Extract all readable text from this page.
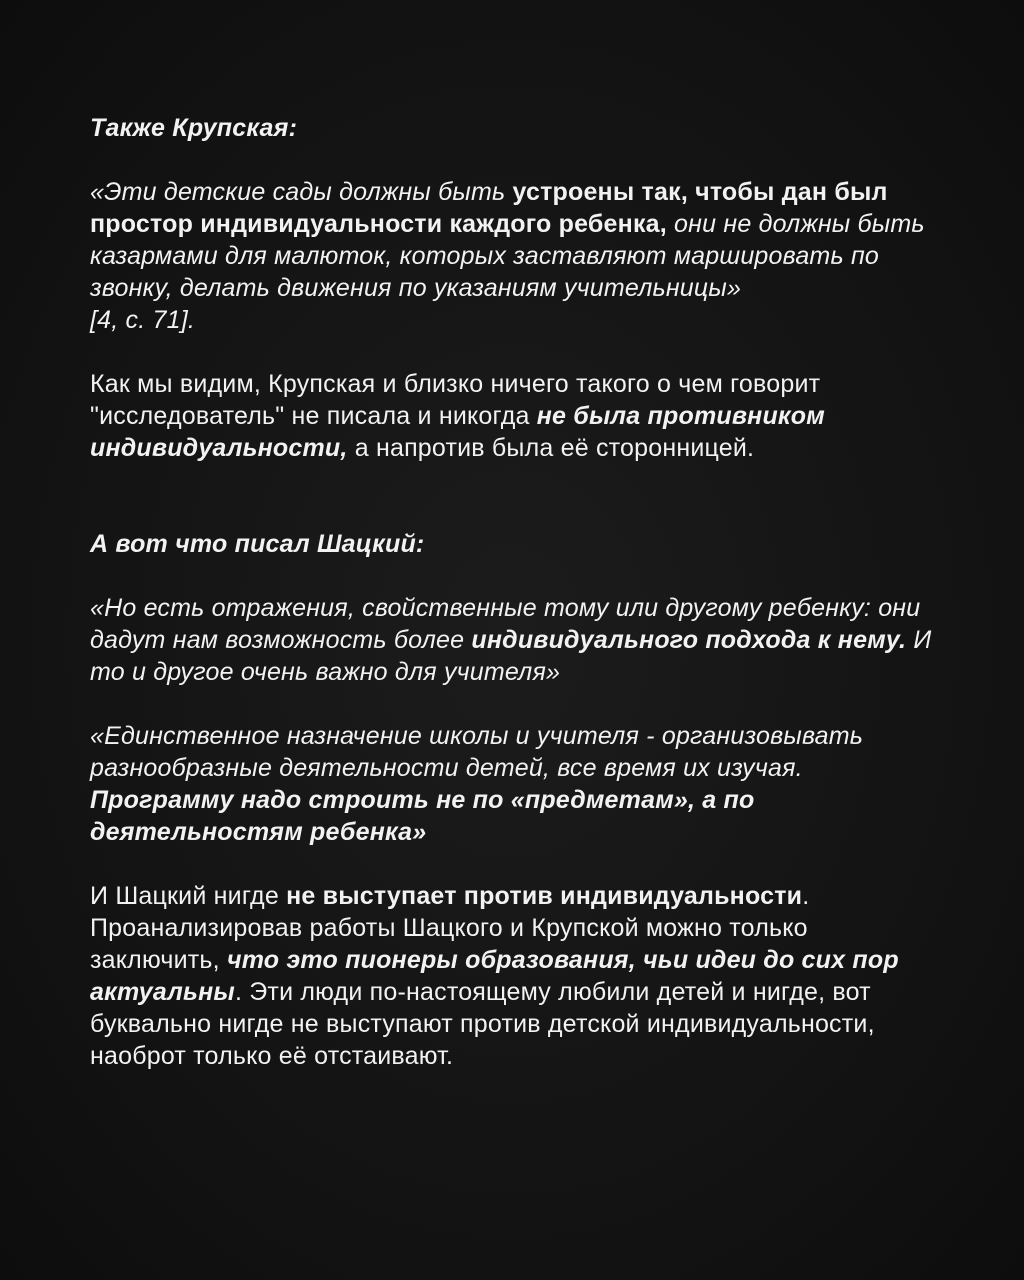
Также Крупская:

«Эти детские сады должны быть устроены так, чтобы дан был простор индивидуальности каждого ребенка, они не должны быть казармами для малюток, которых заставляют маршировать по звонку, делать движения по указаниям учительницы»

[4, с. 71].

Как мы видим, Крупская и близко ничего такого о чем говорит "исследователь" не писала и никогда не была противником индивидуальности, а напротив была её сторонницей.

А вот что писал Шацкий:

«Но есть отражения, свойственные тому или другому ребенку: они дадут нам возможность более индивидуального подхода к нему. И то и другое очень важно для учителя»

«Единственное назначение школы и учителя - организовывать разнообразные деятельности детей, все время их изучая. Программу надо строить не по «предметам», а по деятельностям ребенка»

И Шацкий нигде не выступает против индивидуальности. Проанализировав работы Шацкого и Крупской можно только заключить, что это пионеры образования, чьи идеи до сих пор актуальны. Эти люди по-настоящему любили детей и нигде, вот буквально нигде не выступают против детской индивидуальности, наоброт только её отстаивают.
